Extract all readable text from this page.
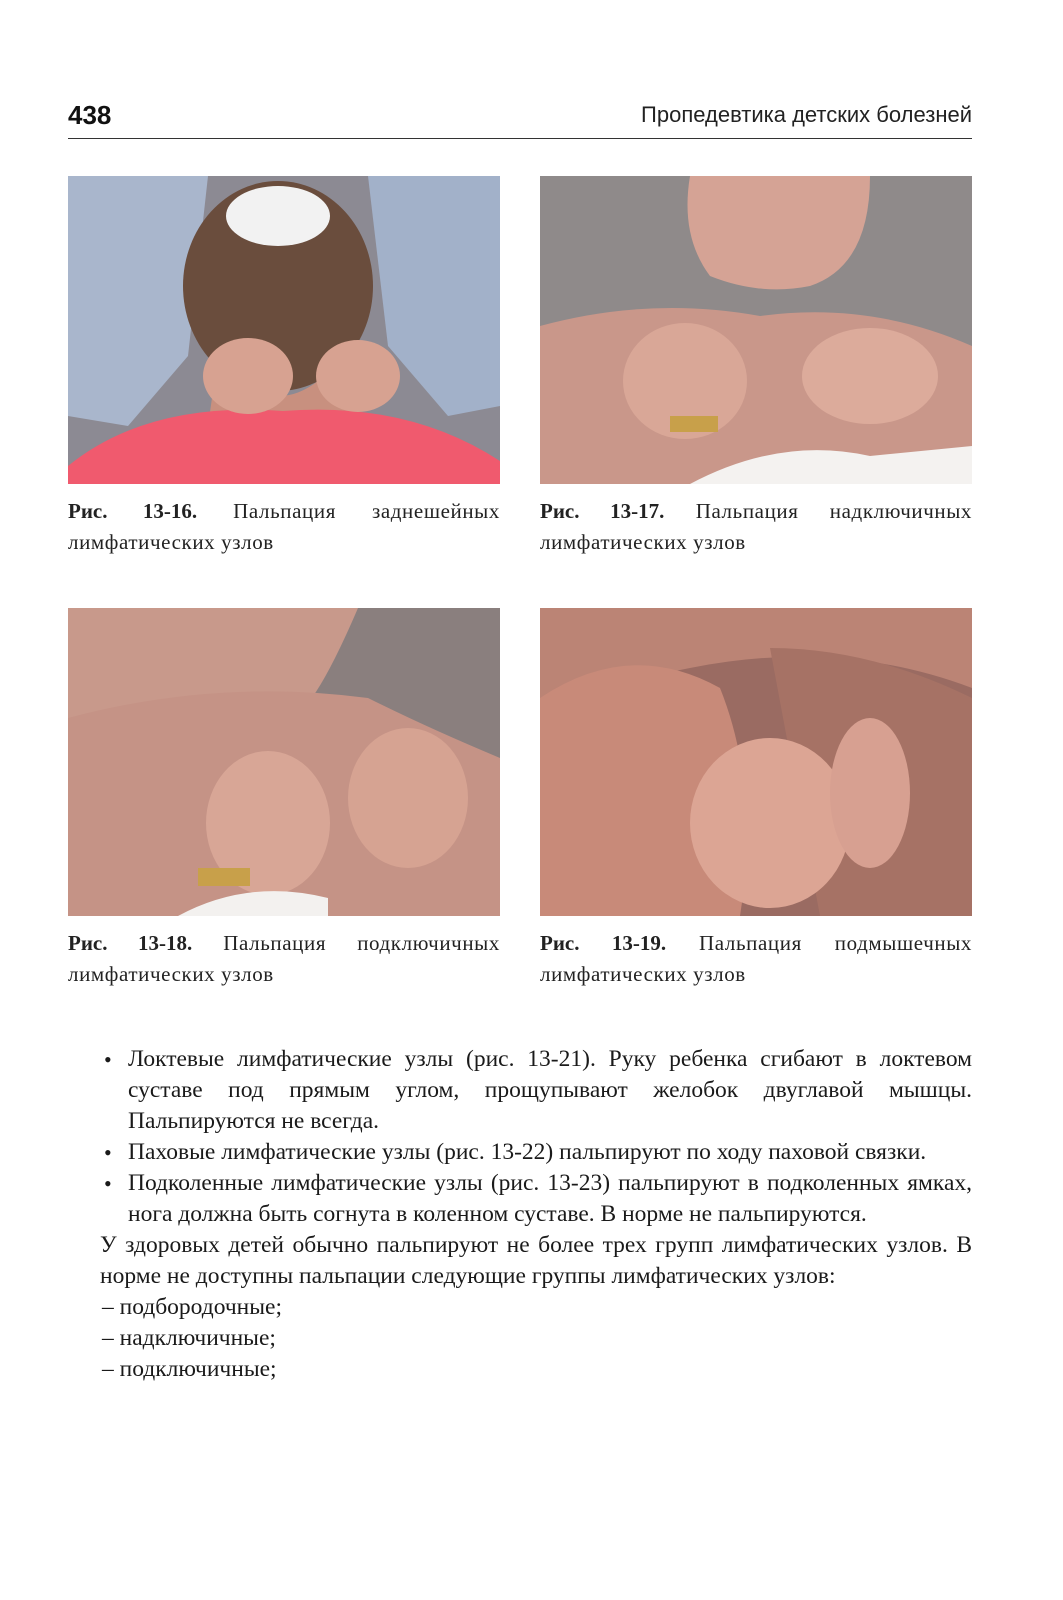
438	Пропедевтика детских болезней
Рис. 13-16. Пальпация заднешейных лимфатических узлов
Рис. 13-17. Пальпация надключичных лимфатических узлов
Рис. 13-18. Пальпация подключичных лимфатических узлов
Рис. 13-19. Пальпация подмышечных лимфатических узлов
• Локтевые лимфатические узлы (рис. 13-21). Руку ребенка сгибают в локтевом суставе под прямым углом, прощупывают желобок двуглавой мышцы. Пальпируются не всегда.
• Паховые лимфатические узлы (рис. 13-22) пальпируют по ходу паховой связки.
• Подколенные лимфатические узлы (рис. 13-23) пальпируют в подколенных ямках, нога должна быть согнута в коленном суставе. В норме не пальпируются.
У здоровых детей обычно пальпируют не более трех групп лимфатических узлов. В норме не доступны пальпации следующие группы лимфатических узлов:
– подбородочные;
– надключичные;
– подключичные;
